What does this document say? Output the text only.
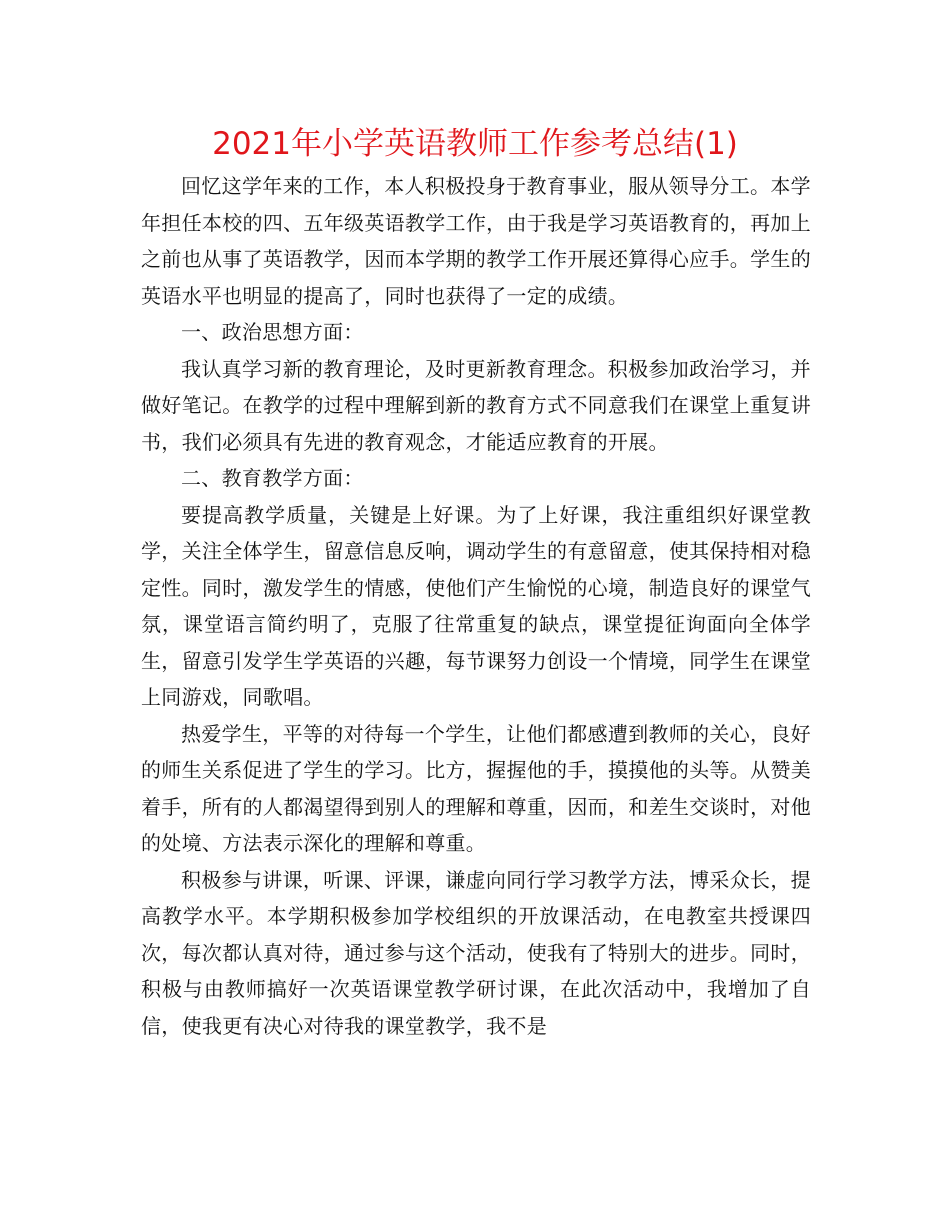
2021年小学英语教师工作参考总结(1)

回忆这学年来的工作，本人积极投身于教育事业，服从领导分工。本学年担任本校的四、五年级英语教学工作，由于我是学习英语教育的，再加上之前也从事了英语教学，因而本学期的教学工作开展还算得心应手。学生的英语水平也明显的提高了，同时也获得了一定的成绩。

一、政治思想方面：

我认真学习新的教育理论，及时更新教育理念。积极参加政治学习，并做好笔记。在教学的过程中理解到新的教育方式不同意我们在课堂上重复讲书，我们必须具有先进的教育观念，才能适应教育的开展。

二、教育教学方面：

要提高教学质量，关键是上好课。为了上好课，我注重组织好课堂教学，关注全体学生，留意信息反响，调动学生的有意留意，使其保持相对稳定性。同时，激发学生的情感，使他们产生愉悦的心境，制造良好的课堂气氛，课堂语言简约明了，克服了往常重复的缺点，课堂提征询面向全体学生，留意引发学生学英语的兴趣，每节课努力创设一个情境，同学生在课堂上同游戏，同歌唱。

热爱学生，平等的对待每一个学生，让他们都感遭到教师的关心，良好的师生关系促进了学生的学习。比方，握握他的手，摸摸他的头等。从赞美着手，所有的人都渴望得到别人的理解和尊重，因而，和差生交谈时，对他的处境、方法表示深化的理解和尊重。

积极参与讲课，听课、评课，谦虚向同行学习教学方法，博采众长，提高教学水平。本学期积极参加学校组织的开放课活动，在电教室共授课四次，每次都认真对待，通过参与这个活动，使我有了特别大的进步。同时，积极与由教师搞好一次英语课堂教学研讨课，在此次活动中，我增加了自信，使我更有决心对待我的课堂教学，我不是
